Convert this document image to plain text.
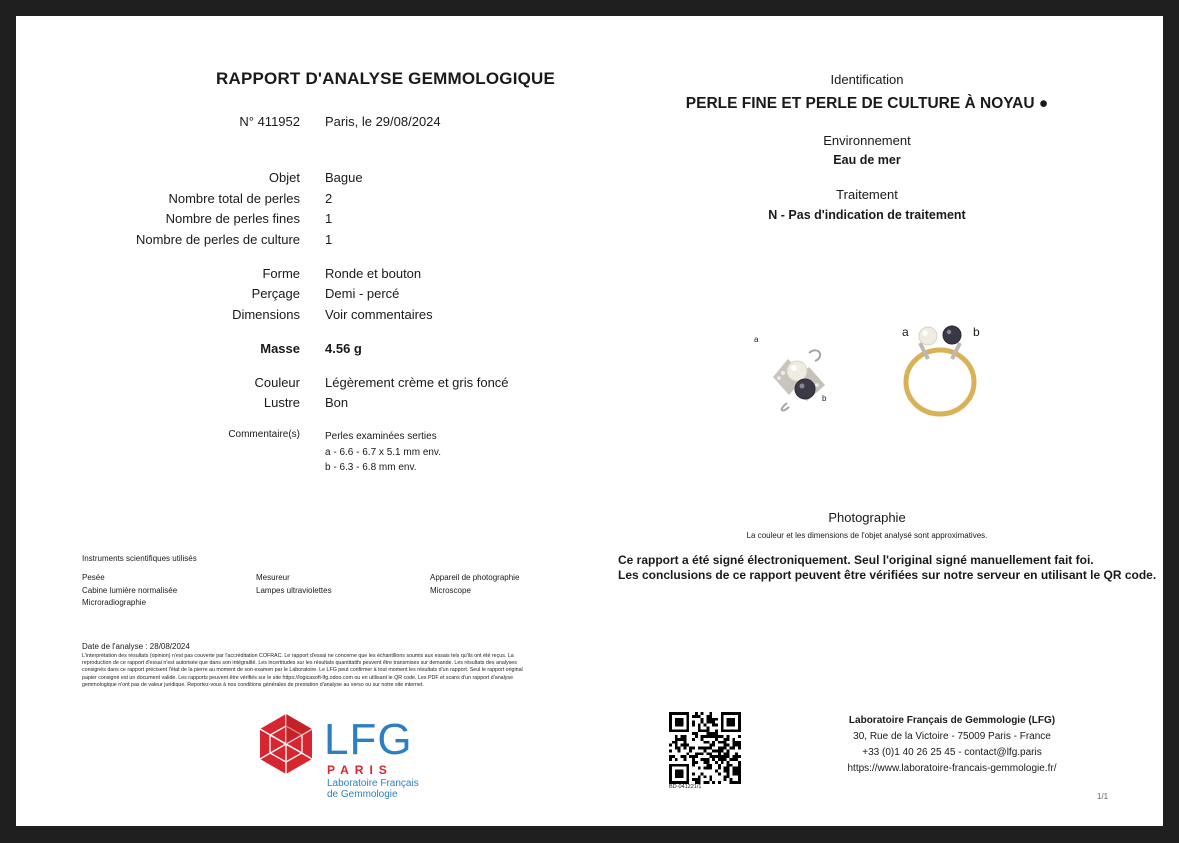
RAPPORT D'ANALYSE GEMMOLOGIQUE
N° 411952 Paris, le 29/08/2024
Objet Bague
Nombre total de perles 2
Nombre de perles fines 1
Nombre de perles de culture 1
Forme Ronde et bouton
Perçage Demi - percé
Dimensions Voir commentaires
Masse 4.56 g
Couleur Légèrement crème et gris foncé
Lustre Bon
Commentaire(s)	Perles examinées serties
a - 6.6 - 6.7 x 5.1 mm env.
b - 6.3 - 6.8 mm env.
Identification
PERLE FINE ET PERLE DE CULTURE À NOYAU ●
Environnement
Eau de mer
Traitement
N - Pas d'indication de traitement
a
b
a	b
Photographie
La couleur et les dimensions de l'objet analysé sont approximatives.
Ce rapport a été signé électroniquement. Seul l'original signé manuellement fait foi.
Les conclusions de ce rapport peuvent être vérifiées sur notre serveur en utilisant le QR code.
Instruments scientifiques utilisés
Pesée
Cabine lumière normalisée
Microradiographie
Mesureur
Lampes ultraviolettes
Appareil de photographie
Microscope
Date de l'analyse : 28/08/2024
L'interprétation des résultats (opinion) n'est pas couverte par l'accréditation COFRAC. Le rapport d'essai ne concerne que les échantillons soumis aux essais tels qu'ils ont été reçus. La
reproduction de ce rapport d'essai n'est autorisée que dans son intégralité. Les incertitudes sur les résultats quantitatifs peuvent être transmises sur demande. Les résultats des analyses
consignés dans ce rapport précisent l'état de la pierre au moment de son examen par le Laboratoire. Le LFG peut confirmer à tout moment les résultats d'un rapport. Seul le rapport original
papier consigné est un document valide. Les rapports peuvent être vérifiés sur le site https://logicasoft-lfg.odoo.com ou en utilisant le QR code. Les PDF et scans d'un rapport d'analyse
gemmologique n'ont pas de valeur juridique. Reportez-vous à nos conditions générales de prestation d'analyse au verso ou sur notre site internet.
LFG
PARIS
Laboratoire Français
de Gemmologie
BD-041221/1
Laboratoire Français de Gemmologie (LFG)
30, Rue de la Victoire - 75009 Paris - France
+33 (0)1 40 26 25 45 - contact@lfg.paris
https://www.laboratoire-francais-gemmologie.fr/
1/1
